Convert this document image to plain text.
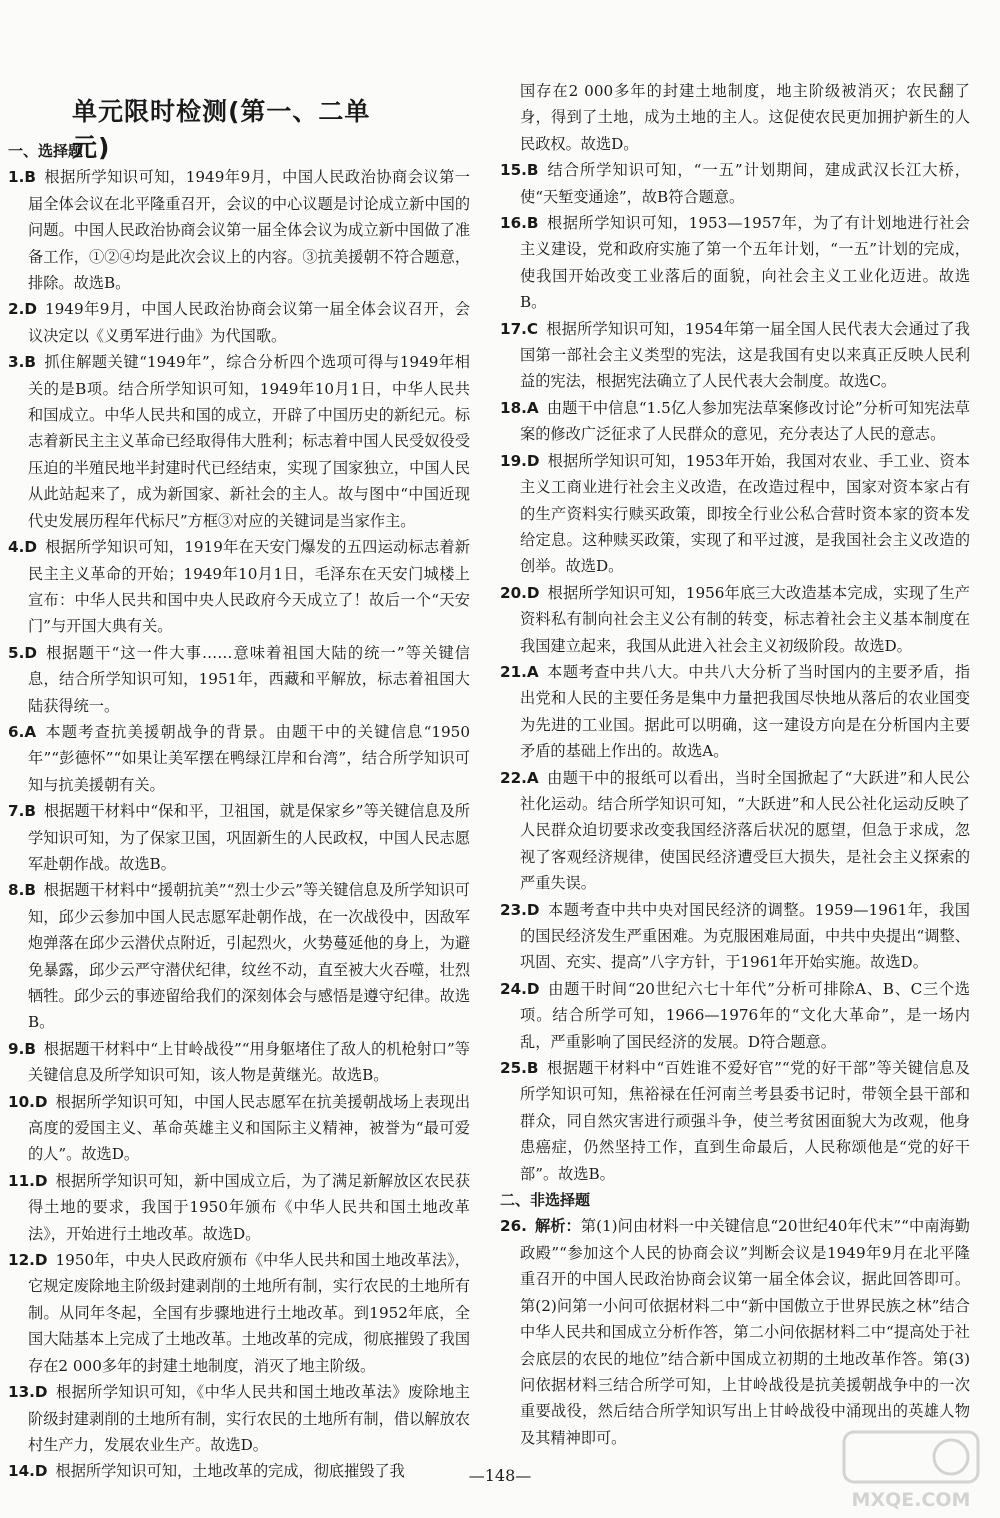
单元限时检测(第一、二单元)

一、选择题

1.B 根据所学知识可知，1949年9月，中国人民政治协商会议第一届全体会议在北平隆重召开，会议的中心议题是讨论成立新中国的问题。中国人民政治协商会议第一届全体会议为成立新中国做了准备工作，①②④均是此次会议上的内容。③抗美援朝不符合题意，排除。故选B。

2.D 1949年9月，中国人民政治协商会议第一届全体会议召开，会议决定以《义勇军进行曲》为代国歌。

3.B 抓住解题关键“1949年”，综合分析四个选项可得与1949年相关的是B项。结合所学知识可知，1949年10月1日，中华人民共和国成立。中华人民共和国的成立，开辟了中国历史的新纪元。标志着新民主主义革命已经取得伟大胜利；标志着中国人民受奴役受压迫的半殖民地半封建时代已经结束，实现了国家独立，中国人民从此站起来了，成为新国家、新社会的主人。故与图中“中国近现代史发展历程年代标尺”方框③对应的关键词是当家作主。

4.D 根据所学知识可知，1919年在天安门爆发的五四运动标志着新民主主义革命的开始；1949年10月1日，毛泽东在天安门城楼上宣布：中华人民共和国中央人民政府今天成立了！故后一个“天安门”与开国大典有关。

5.D 根据题干“这一件大事……意味着祖国大陆的统一”等关键信息，结合所学知识可知，1951年，西藏和平解放，标志着祖国大陆获得统一。

6.A 本题考查抗美援朝战争的背景。由题干中的关键信息“1950年”“彭德怀”“如果让美军摆在鸭绿江岸和台湾”，结合所学知识可知与抗美援朝有关。

7.B 根据题干材料中“保和平，卫祖国，就是保家乡”等关键信息及所学知识可知，为了保家卫国，巩固新生的人民政权，中国人民志愿军赴朝作战。故选B。

8.B 根据题干材料中“援朝抗美”“烈士少云”等关键信息及所学知识可知，邱少云参加中国人民志愿军赴朝作战，在一次战役中，因敌军炮弹落在邱少云潜伏点附近，引起烈火，火势蔓延他的身上，为避免暴露，邱少云严守潜伏纪律，纹丝不动，直至被大火吞噬，壮烈牺牲。邱少云的事迹留给我们的深刻体会与感悟是遵守纪律。故选B。

9.B 根据题干材料中“上甘岭战役”“用身躯堵住了敌人的机枪射口”等关键信息及所学知识可知，该人物是黄继光。故选B。

10.D 根据所学知识可知，中国人民志愿军在抗美援朝战场上表现出高度的爱国主义、革命英雄主义和国际主义精神，被誉为“最可爱的人”。故选D。

11.D 根据所学知识可知，新中国成立后，为了满足新解放区农民获得土地的要求，我国于1950年颁布《中华人民共和国土地改革法》，开始进行土地改革。故选D。

12.D 1950年，中央人民政府颁布《中华人民共和国土地改革法》，它规定废除地主阶级封建剥削的土地所有制，实行农民的土地所有制。从同年冬起，全国有步骤地进行土地改革。到1952年底，全国大陆基本上完成了土地改革。土地改革的完成，彻底摧毁了我国存在2 000多年的封建土地制度，消灭了地主阶级。

13.D 根据所学知识可知，《中华人民共和国土地改革法》废除地主阶级封建剥削的土地所有制，实行农民的土地所有制，借以解放农村生产力，发展农业生产。故选D。

14.D 根据所学知识可知，土地改革的完成，彻底摧毁了我

国存在2 000多年的封建土地制度，地主阶级被消灭；农民翻了身，得到了土地，成为土地的主人。这促使农民更加拥护新生的人民政权。故选D。

15.B 结合所学知识可知，“一五”计划期间，建成武汉长江大桥，使“天堑变通途”，故B符合题意。

16.B 根据所学知识可知，1953—1957年，为了有计划地进行社会主义建设，党和政府实施了第一个五年计划，“一五”计划的完成，使我国开始改变工业落后的面貌，向社会主义工业化迈进。故选B。

17.C 根据所学知识可知，1954年第一届全国人民代表大会通过了我国第一部社会主义类型的宪法，这是我国有史以来真正反映人民利益的宪法，根据宪法确立了人民代表大会制度。故选C。

18.A 由题干中信息“1.5亿人参加宪法草案修改讨论”分析可知宪法草案的修改广泛征求了人民群众的意见，充分表达了人民的意志。

19.D 根据所学知识可知，1953年开始，我国对农业、手工业、资本主义工商业进行社会主义改造，在改造过程中，国家对资本家占有的生产资料实行赎买政策，即按全行业公私合营时资本家的资本发给定息。这种赎买政策，实现了和平过渡，是我国社会主义改造的创举。故选D。

20.D 根据所学知识可知，1956年底三大改造基本完成，实现了生产资料私有制向社会主义公有制的转变，标志着社会主义基本制度在我国建立起来，我国从此进入社会主义初级阶段。故选D。

21.A 本题考查中共八大。中共八大分析了当时国内的主要矛盾，指出党和人民的主要任务是集中力量把我国尽快地从落后的农业国变为先进的工业国。据此可以明确，这一建设方向是在分析国内主要矛盾的基础上作出的。故选A。

22.A 由题干中的报纸可以看出，当时全国掀起了“大跃进”和人民公社化运动。结合所学知识可知，“大跃进”和人民公社化运动反映了人民群众迫切要求改变我国经济落后状况的愿望，但急于求成，忽视了客观经济规律，使国民经济遭受巨大损失，是社会主义探索的严重失误。

23.D 本题考查中共中央对国民经济的调整。1959—1961年，我国的国民经济发生严重困难。为克服困难局面，中共中央提出“调整、巩固、充实、提高”八字方针，于1961年开始实施。故选D。

24.D 由题干时间“20世纪六七十年代”分析可排除A、B、C三个选项。结合所学可知，1966—1976年的“文化大革命”，是一场内乱，严重影响了国民经济的发展。D符合题意。

25.B 根据题干材料中“百姓谁不爱好官”“党的好干部”等关键信息及所学知识可知，焦裕禄在任河南兰考县委书记时，带领全县干部和群众，同自然灾害进行顽强斗争，使兰考贫困面貌大为改观，他身患癌症，仍然坚持工作，直到生命最后，人民称颂他是“党的好干部”。故选B。

二、非选择题

26. 解析：第(1)问由材料一中关键信息“20世纪40年代末”“中南海勤政殿”“参加这个人民的协商会议”判断会议是1949年9月在北平隆重召开的中国人民政治协商会议第一届全体会议，据此回答即可。第(2)问第一小问可依据材料二中“新中国傲立于世界民族之林”结合中华人民共和国成立分析作答，第二小问依据材料二中“提高处于社会底层的农民的地位”结合新中国成立初期的土地改革作答。第(3)问依据材料三结合所学可知，上甘岭战役是抗美援朝战争中的一次重要战役，然后结合所学知识写出上甘岭战役中涌现出的英雄人物及其精神即可。

—148—
MXQE.COM
